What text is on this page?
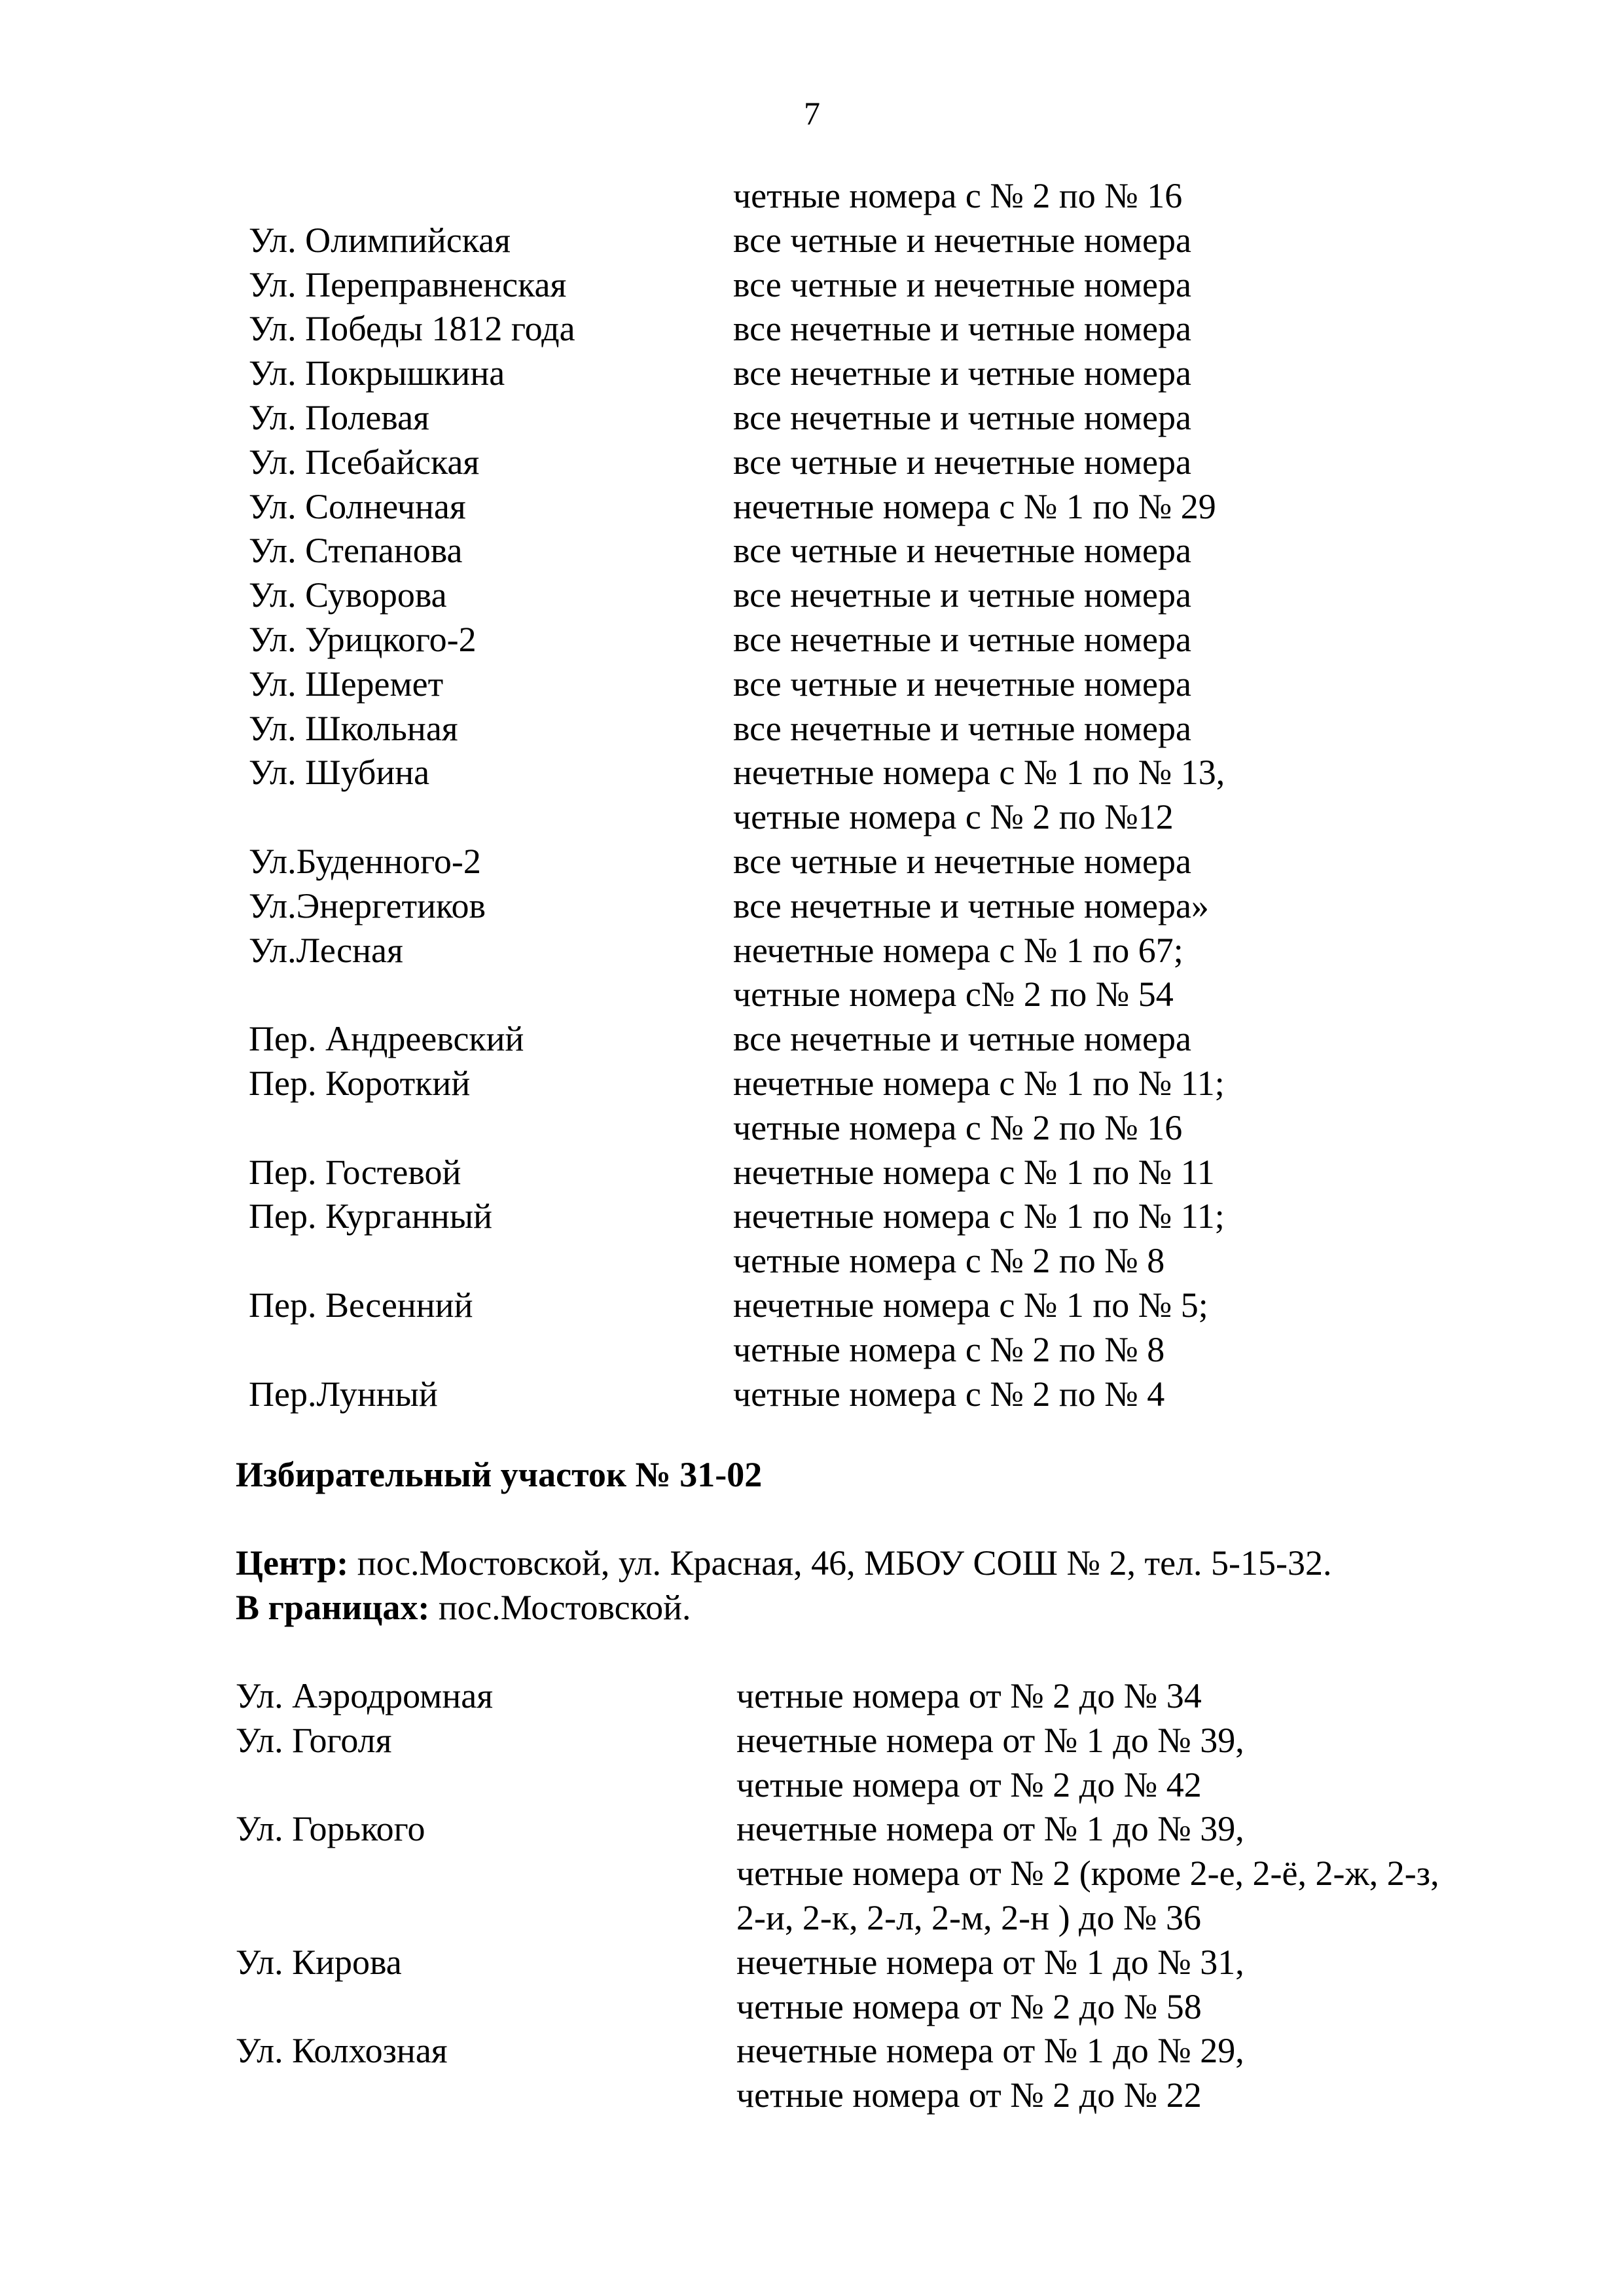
7
четные номера с № 2 по № 16
Ул. Олимпийская	все четные и нечетные номера
Ул. Переправненская	все четные и нечетные номера
Ул. Победы 1812 года	все нечетные и четные номера
Ул. Покрышкина	все нечетные и четные номера
Ул. Полевая	все нечетные и четные номера
Ул. Псебайская	все четные и нечетные номера
Ул. Солнечная	нечетные номера с № 1 по № 29
Ул. Степанова	все четные и нечетные номера
Ул. Суворова	все нечетные и четные номера
Ул. Урицкого-2	все нечетные и четные номера
Ул. Шеремет	все четные и нечетные номера
Ул. Школьная	все нечетные и четные номера
Ул. Шубина	нечетные номера с № 1 по № 13,
четные номера с № 2 по №12
Ул.Буденного-2	все четные и нечетные номера
Ул.Энергетиков	все нечетные и четные номера»
Ул.Лесная	нечетные номера с № 1 по 67;
четные номера с№ 2 по № 54
Пер. Андреевский	все нечетные и четные номера
Пер. Короткий	нечетные номера с № 1 по № 11;
четные номера с № 2 по № 16
Пер. Гостевой	нечетные номера с № 1 по № 11
Пер. Курганный	нечетные номера с № 1 по № 11;
четные номера с № 2 по № 8
Пер. Весенний	нечетные номера с № 1 по № 5;
четные номера с № 2 по № 8
Пер.Лунный	четные номера с № 2 по № 4
Избирательный участок № 31-02
Центр: пос.Мостовской, ул. Красная, 46, МБОУ СОШ № 2, тел. 5-15-32.
В границах: пос.Мостовской.
Ул. Аэродромная	четные номера от № 2 до № 34
Ул. Гоголя	нечетные номера от № 1 до № 39,
четные номера от № 2 до № 42
Ул. Горького	нечетные номера от № 1 до № 39,
четные номера от № 2 (кроме 2-е, 2-ё, 2-ж, 2-з,
2-и, 2-к, 2-л, 2-м, 2-н ) до № 36
Ул. Кирова	нечетные номера от № 1 до № 31,
четные номера от № 2 до № 58
Ул. Колхозная	нечетные номера от № 1 до № 29,
четные номера от № 2 до № 22
